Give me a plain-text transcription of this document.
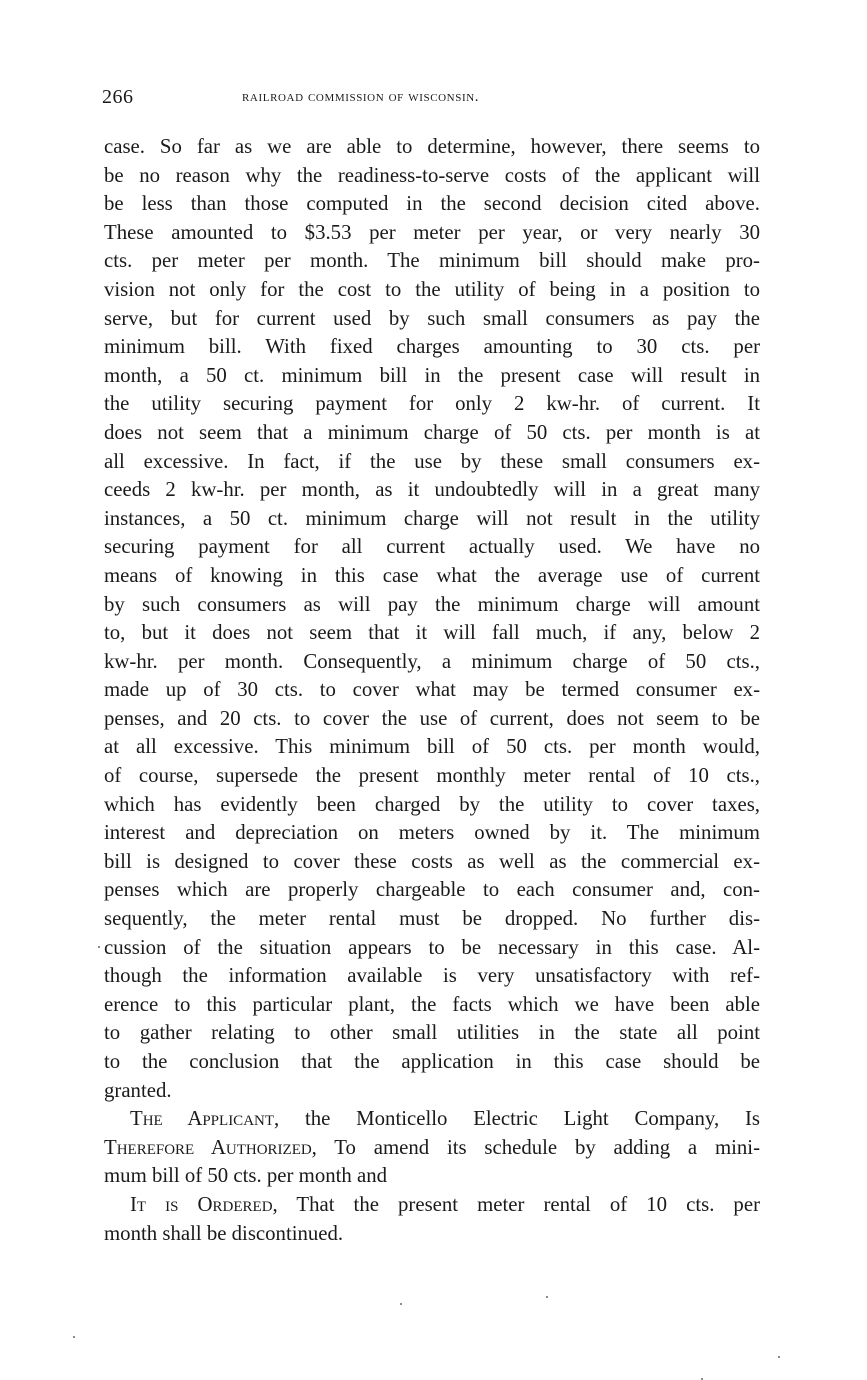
266	railroad commission of wisconsin.
case. So far as we are able to determine, however, there seems to
be no reason why the readiness-to-serve costs of the applicant will
be less than those computed in the second decision cited above.
These amounted to $3.53 per meter per year, or very nearly 30
cts. per meter per month. The minimum bill should make pro-
vision not only for the cost to the utility of being in a position to
serve, but for current used by such small consumers as pay the
minimum bill. With fixed charges amounting to 30 cts. per
month, a 50 ct. minimum bill in the present case will result in
the utility securing payment for only 2 kw-hr. of current. It
does not seem that a minimum charge of 50 cts. per month is at
all excessive. In fact, if the use by these small consumers ex-
ceeds 2 kw-hr. per month, as it undoubtedly will in a great many
instances, a 50 ct. minimum charge will not result in the utility
securing payment for all current actually used. We have no
means of knowing in this case what the average use of current
by such consumers as will pay the minimum charge will amount
to, but it does not seem that it will fall much, if any, below 2
kw-hr. per month. Consequently, a minimum charge of 50 cts.,
made up of 30 cts. to cover what may be termed consumer ex-
penses, and 20 cts. to cover the use of current, does not seem to be
at all excessive. This minimum bill of 50 cts. per month would,
of course, supersede the present monthly meter rental of 10 cts.,
which has evidently been charged by the utility to cover taxes,
interest and depreciation on meters owned by it. The minimum
bill is designed to cover these costs as well as the commercial ex-
penses which are properly chargeable to each consumer and, con-
sequently, the meter rental must be dropped. No further dis-
cussion of the situation appears to be necessary in this case. Al-
though the information available is very unsatisfactory with ref-
erence to this particular plant, the facts which we have been able
to gather relating to other small utilities in the state all point
to the conclusion that the application in this case should be
granted.
The Applicant, the Monticello Electric Light Company, Is
Therefore Authorized, To amend its schedule by adding a mini-
mum bill of 50 cts. per month and
It is Ordered, That the present meter rental of 10 cts. per
month shall be discontinued.
